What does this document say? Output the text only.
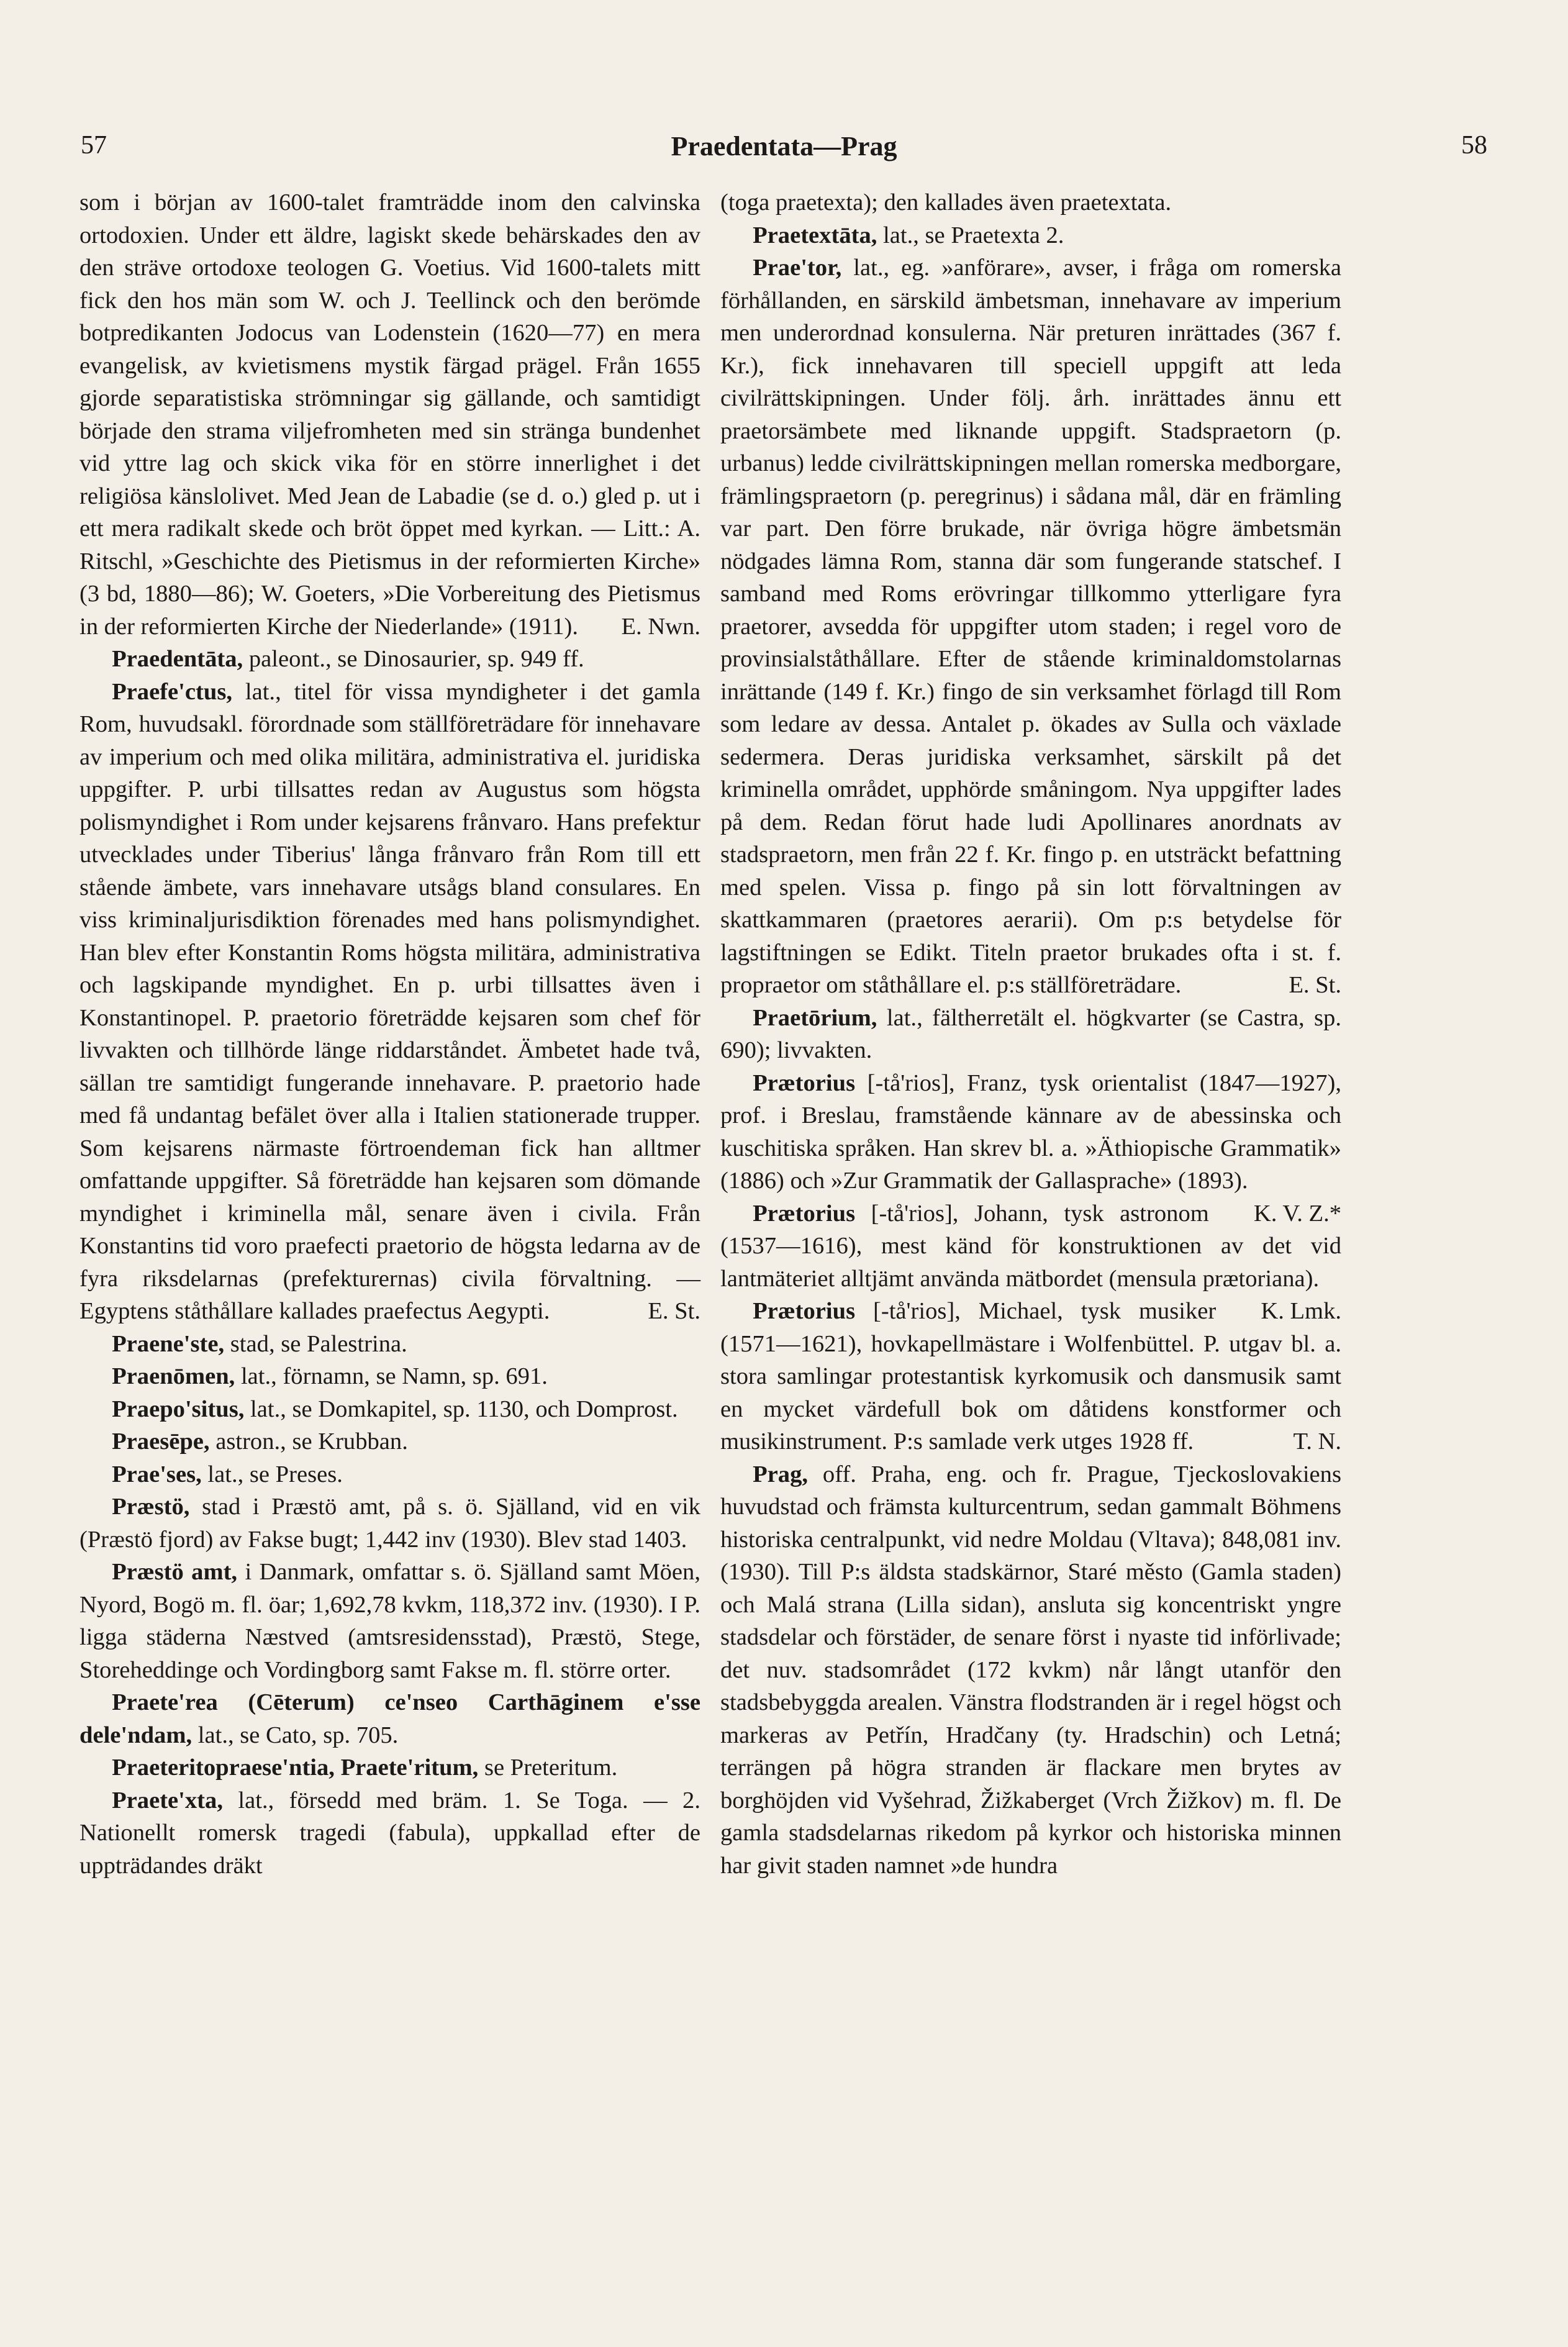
57	Praedentata—Prag	58

som i början av 1600-talet framträdde inom den calvinska ortodoxien. Under ett äldre, lagiskt skede behärskades den av den sträve ortodoxe teologen G. Voetius. Vid 1600-talets mitt fick den hos män som W. och J. Teellinck och den berömde botpredikanten Jodocus van Lodenstein (1620—77) en mera evangelisk, av kvietismens mystik färgad prägel. Från 1655 gjorde separatistiska strömningar sig gällande, och samtidigt började den strama viljefromheten med sin stränga bundenhet vid yttre lag och skick vika för en större innerlighet i det religiösa känslolivet. Med Jean de Labadie (se d. o.) gled p. ut i ett mera radikalt skede och bröt öppet med kyrkan. — Litt.: A. Ritschl, »Geschichte des Pietismus in der reformierten Kirche» (3 bd, 1880—86); W. Goeters, »Die Vorbereitung des Pietismus in der reformierten Kirche der Niederlande» (1911).	E. Nwn.

Praedentāta, paleont., se Dinosaurier, sp. 949 ff.

Praefe'ctus, lat., titel för vissa myndigheter i det gamla Rom, huvudsakl. förordnade som ställföreträdare för innehavare av imperium och med olika militära, administrativa el. juridiska uppgifter. P. urbi tillsattes redan av Augustus som högsta polismyndighet i Rom under kejsarens frånvaro. Hans prefektur utvecklades under Tiberius' långa frånvaro från Rom till ett stående ämbete, vars innehavare utsågs bland consulares. En viss kriminaljurisdiktion förenades med hans polismyndighet. Han blev efter Konstantin Roms högsta militära, administrativa och lagskipande myndighet. En p. urbi tillsattes även i Konstantinopel. P. praetorio företrädde kejsaren som chef för livvakten och tillhörde länge riddarståndet. Ämbetet hade två, sällan tre samtidigt fungerande innehavare. P. praetorio hade med få undantag befälet över alla i Italien stationerade trupper. Som kejsarens närmaste förtroendeman fick han alltmer omfattande uppgifter. Så företrädde han kejsaren som dömande myndighet i kriminella mål, senare även i civila. Från Konstantins tid voro praefecti praetorio de högsta ledarna av de fyra riksdelarnas (prefekturernas) civila förvaltning. — Egyptens ståthållare kallades praefectus Aegypti.	E. St.

Praene'ste, stad, se Palestrina.

Praenōmen, lat., förnamn, se Namn, sp. 691.

Praepo'situs, lat., se Domkapitel, sp. 1130, och Domprost.

Praesēpe, astron., se Krubban.

Prae'ses, lat., se Preses.

Præstö, stad i Præstö amt, på s. ö. Själland, vid en vik (Præstö fjord) av Fakse bugt; 1,442 inv (1930). Blev stad 1403.

Præstö amt, i Danmark, omfattar s. ö. Själland samt Möen, Nyord, Bogö m. fl. öar; 1,692,78 kvkm, 118,372 inv. (1930). I P. ligga städerna Næstved (amtsresidensstad), Præstö, Stege, Storeheddinge och Vordingborg samt Fakse m. fl. större orter.

Praete'rea (Cēterum) ce'nseo Carthāginem e'sse dele'ndam, lat., se Cato, sp. 705.

Praeteritopraese'ntia, Praete'ritum, se Preteritum.

Praete'xta, lat., försedd med bräm. 1. Se Toga. — 2. Nationellt romersk tragedi (fabula), uppkallad efter de uppträdandes dräkt

(toga praetexta); den kallades även praetextata.

Praetextāta, lat., se Praetexta 2.

Prae'tor, lat., eg. »anförare», avser, i fråga om romerska förhållanden, en särskild ämbetsman, innehavare av imperium men underordnad konsulerna. När preturen inrättades (367 f. Kr.), fick innehavaren till speciell uppgift att leda civilrättskipningen. Under följ. årh. inrättades ännu ett praetorsämbete med liknande uppgift. Stadspraetorn (p. urbanus) ledde civilrättskipningen mellan romerska medborgare, främlingspraetorn (p. peregrinus) i sådana mål, där en främling var part. Den förre brukade, när övriga högre ämbetsmän nödgades lämna Rom, stanna där som fungerande statschef. I samband med Roms erövringar tillkommo ytterligare fyra praetorer, avsedda för uppgifter utom staden; i regel voro de provinsialståthållare. Efter de stående kriminaldomstolarnas inrättande (149 f. Kr.) fingo de sin verksamhet förlagd till Rom som ledare av dessa. Antalet p. ökades av Sulla och växlade sedermera. Deras juridiska verksamhet, särskilt på det kriminella området, upphörde småningom. Nya uppgifter lades på dem. Redan förut hade ludi Apollinares anordnats av stadspraetorn, men från 22 f. Kr. fingo p. en utsträckt befattning med spelen. Vissa p. fingo på sin lott förvaltningen av skattkammaren (praetores aerarii). Om p:s betydelse för lagstiftningen se Edikt. Titeln praetor brukades ofta i st. f. propraetor om ståthållare el. p:s ställföreträdare.	E. St.

Praetōrium, lat., fältherretält el. högkvarter (se Castra, sp. 690); livvakten.

Prætorius [-tå'rios], Franz, tysk orientalist (1847—1927), prof. i Breslau, framstående kännare av de abessinska och kuschitiska språken. Han skrev bl. a. »Äthiopische Grammatik» (1886) och »Zur Grammatik der Gallasprache» (1893).
K. V. Z.*

Prætorius [-tå'rios], Johann, tysk astronom (1537—1616), mest känd för konstruktionen av det vid lantmäteriet alltjämt använda mätbordet (mensula prætoriana).
K. Lmk.

Prætorius [-tå'rios], Michael, tysk musiker (1571—1621), hovkapellmästare i Wolfenbüttel. P. utgav bl. a. stora samlingar protestantisk kyrkomusik och dansmusik samt en mycket värdefull bok om dåtidens konstformer och musikinstrument. P:s samlade verk utges 1928 ff.	T. N.

Prag, off. Praha, eng. och fr. Prague, Tjeckoslovakiens huvudstad och främsta kulturcentrum, sedan gammalt Böhmens historiska centralpunkt, vid nedre Moldau (Vltava); 848,081 inv. (1930). Till P:s äldsta stadskärnor, Staré město (Gamla staden) och Malá strana (Lilla sidan), ansluta sig koncentriskt yngre stadsdelar och förstäder, de senare först i nyaste tid införlivade; det nuv. stadsområdet (172 kvkm) når långt utanför den stadsbebyggda arealen. Vänstra flodstranden är i regel högst och markeras av Petřín, Hradčany (ty. Hradschin) och Letná; terrängen på högra stranden är flackare men brytes av borghöjden vid Vyšehrad, Žižkaberget (Vrch Žižkov) m. fl. De gamla stadsdelarnas rikedom på kyrkor och historiska minnen har givit staden namnet »de hundra
